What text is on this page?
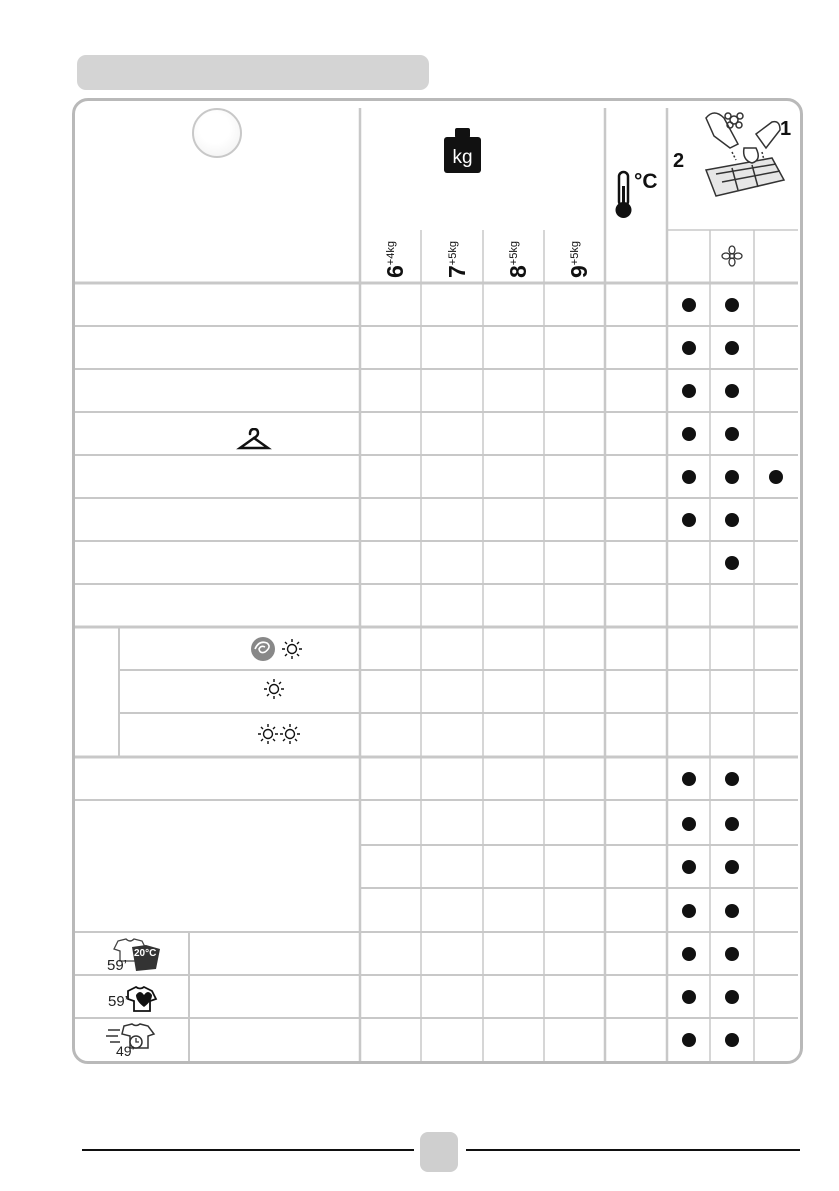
kg
$6^{+4kg}$
$7^{+5kg}$
$8^{+5kg}$
$9^{+5kg}$
°C
1
2
20°C
59’
59’
49’
